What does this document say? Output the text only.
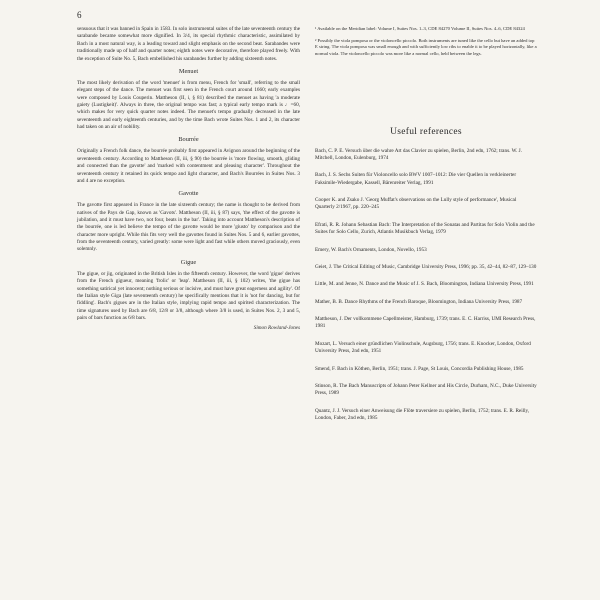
6

sensuous that it was banned in Spain in 1583. In solo instrumental suites of the late seventeenth century the sarabande became somewhat more dignified. In 3/4, its special rhythmic characteristic, assimilated by Bach in a most natural way, is a leading toward and slight emphasis on the second beat. Sarabandes were traditionally made up of half and quarter notes; eighth notes were decorative, therefore played freely. With the exception of Suite No. 5, Bach embellished his sarabandes further by adding sixteenth notes.

Menuet

The most likely derivation of the word 'menuet' is from menu, French for 'small', referring to the small elegant steps of the dance. The menuet was first seen in the French court around 1660; early examples were composed by Louis Couperin. Mattheson (II, i, § 81) described the menuet as having 'a moderate gaiety (Lustigkeit)'. Always in three, the original tempo was fast; a typical early tempo mark is ♩=60, which makes for very quick quarter notes indeed. The menuet's tempo gradually decreased in the late seventeenth and early eighteenth centuries, and by the time Bach wrote Suites Nos. 1 and 2, its character had taken on an air of nobility.

Bourrée

Originally a French folk dance, the bourrée probably first appeared in Avignon around the beginning of the seventeenth century. According to Mattheson (II, iii, § 90) the bourrée is 'more flowing, smooth, gliding and connected than the gavotte' and 'marked with contentment and pleasing character'. Throughout the seventeenth century it retained its quick tempo and light character, and Bach's Bourrées in Suites Nos. 3 and 4 are no exception.

Gavotte

The gavotte first appeared in France in the late sixteenth century; the name is thought to be derived from natives of the Pays de Gap, known as 'Gavots'. Mattheson (II, iii, § 87) says, 'the effect of the gavotte is jubilation, and it must have two, not four, beats in the bar'. Taking into account Mattheson's description of the bourrée, one is led believe the tempo of the gavotte would be more 'giusto' by comparison and the character more upright. While this fits very well the gavottes found in Suites Nos. 5 and 6, earlier gavottes, from the seventeenth century, varied greatly: some were light and fast while others moved graciously, even solemnly.

Gigue

The gigue, or jig, originated in the British Isles in the fifteenth century. However, the word 'gigue' derives from the French gigueur, meaning 'frolic' or 'leap'. Mattheson (II, iii, § 102) writes, 'the gigue has something satirical yet innocent; nothing serious or incisive, and must have great eagerness and agility'. Of the Italian style Giga (late seventeenth century) he specifically mentions that it is 'not for dancing, but for fiddling'. Bach's gigues are in the Italian style, implying rapid tempo and spirited characterization. The time signatures used by Bach are 6/8, 12/8 or 3/8, although where 3/8 is used, in Suites Nos. 2, 3 and 5, pairs of bars function as 6/8 bars.

Simon Rowland-Jones

¹ Available on the Meridian label: Volume I, Suites Nos. 1–3, CDE 84270 Volume II, Suites Nos. 4–6, CDE 84324

² Possibly the viola pomposa or the violoncello piccolo. Both instruments are tuned like the cello but have an added top E string. The viola pomposa was small enough and with sufficiently low ribs to enable it to be played horizontally, like a normal viola. The violoncello piccolo was more like a normal cello, held between the legs.

Useful references

Bach, C. P. E. Versuch über die wahre Art das Clavier zu spielen, Berlin, 2nd edn, 1762; trans. W. J. Mitchell, London, Eulenburg, 1974

Bach, J. S. Sechs Suiten für Violoncello solo BWV 1007–1012: Die vier Quellen in verkleinerter Faksimile-Wiedergabe, Kassell, Bärenreiter Verlag, 1991

Cooper K. and Zsako J. 'Georg Muffat's observations on the Lully style of performance', Musical Quarterly 2/1967, pp. 220–245

Efrati, R. R. Johann Sebastian Bach: The Interpretation of the Sonatas and Partitas for Solo Violin and the Suites for Solo Cello, Zurich, Atlantis Musikbuch Verlag, 1979

Emery, W. Bach's Ornaments, London, Novello, 1953

Geiet, J. The Critical Editing of Music, Cambridge University Press, 1996; pp. 35, 42–44, 82–87, 129–130

Little, M. and Jenne, N. Dance and the Music of J. S. Bach, Bloomington, Indiana University Press, 1991

Mather, B. B. Dance Rhythms of the French Baroque, Bloomington, Indiana University Press, 1987

Mattheson, J. Der vollkommene Capellmeister, Hamburg, 1739; trans. E. C. Harriss, UMI Research Press, 1981

Mozart, L. Versuch einer gründlichen Violinschule, Augsburg, 1756; trans. E. Knocker, London, Oxford University Press, 2nd edn, 1951

Smend, F. Bach in Köthen, Berlin, 1951; trans. J. Page, St Louis, Concordia Publishing House, 1985

Stinson, R. The Bach Manuscripts of Johann Peter Kellner and His Circle, Durham, N.C., Duke University Press, 1989

Quantz, J. J. Versuch einer Anweisung die Flöte traversiere zu spielen, Berlin, 1752; trans. E. R. Reilly, London, Faber, 2nd edn, 1985
